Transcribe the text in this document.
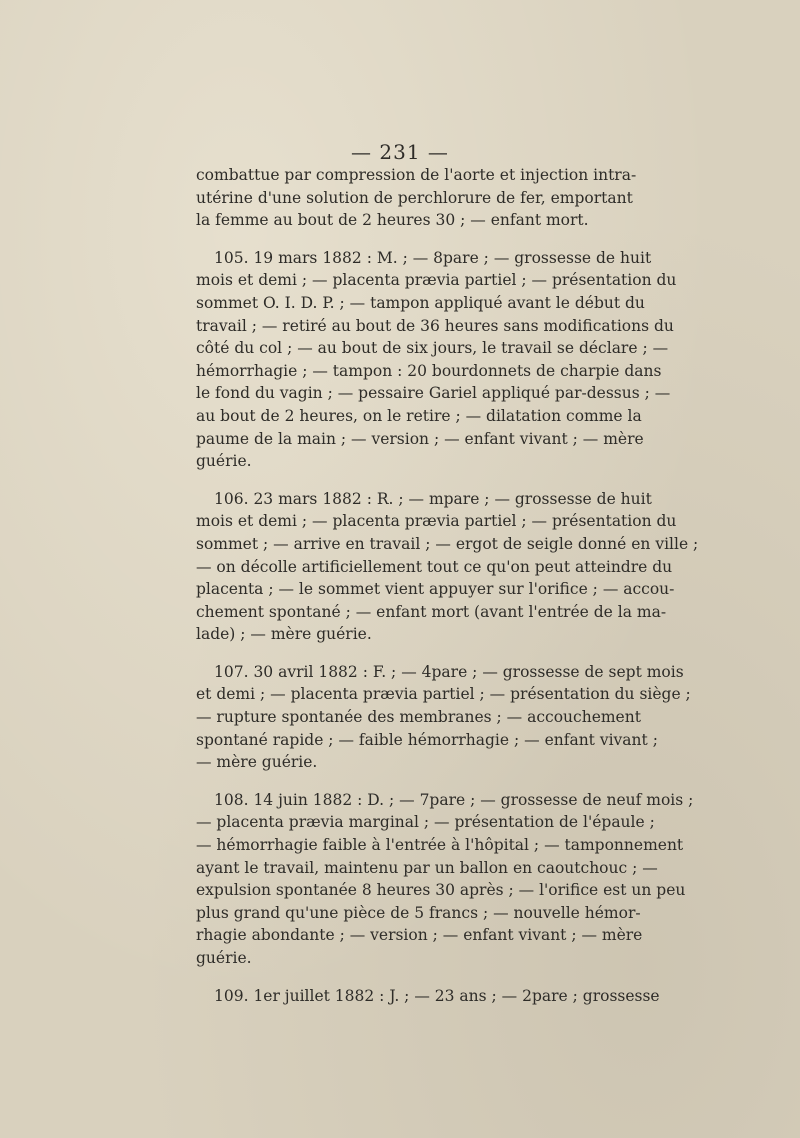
— 231 —
combattue par compression de l'aorte et injection intra-
utérine d'une solution de perchlorure de fer, emportant
la femme au bout de 2 heures 30 ; — enfant mort.
105. 19 mars 1882 : M. ; — 8pare ; — grossesse de huit
mois et demi ; — placenta prævia partiel ; — présentation du
sommet O. I. D. P. ; — tampon appliqué avant le début du
travail ; — retiré au bout de 36 heures sans modifications du
côté du col ; — au bout de six jours, le travail se déclare ; —
hémorrhagie ; — tampon : 20 bourdonnets de charpie dans
le fond du vagin ; — pessaire Gariel appliqué par-dessus ; —
au bout de 2 heures, on le retire ; — dilatation comme la
paume de la main ; — version ; — enfant vivant ; — mère
guérie.
106. 23 mars 1882 : R. ; — mpare ; — grossesse de huit
mois et demi ; — placenta prævia partiel ; — présentation du
sommet ; — arrive en travail ; — ergot de seigle donné en ville ;
— on décolle artificiellement tout ce qu'on peut atteindre du
placenta ; — le sommet vient appuyer sur l'orifice ; — accou-
chement spontané ; — enfant mort (avant l'entrée de la ma-
lade) ; — mère guérie.
107. 30 avril 1882 : F. ; — 4pare ; — grossesse de sept mois
et demi ; — placenta prævia partiel ; — présentation du siège ;
— rupture spontanée des membranes ; — accouchement
spontané rapide ; — faible hémorrhagie ; — enfant vivant ;
— mère guérie.
108. 14 juin 1882 : D. ; — 7pare ; — grossesse de neuf mois ;
— placenta prævia marginal ; — présentation de l'épaule ;
— hémorrhagie faible à l'entrée à l'hôpital ; — tamponnement
ayant le travail, maintenu par un ballon en caoutchouc ; —
expulsion spontanée 8 heures 30 après ; — l'orifice est un peu
plus grand qu'une pièce de 5 francs ; — nouvelle hémor-
rhagie abondante ; — version ; — enfant vivant ; — mère
guérie.
109. 1er juillet 1882 : J. ; — 23 ans ; — 2pare ; grossesse
